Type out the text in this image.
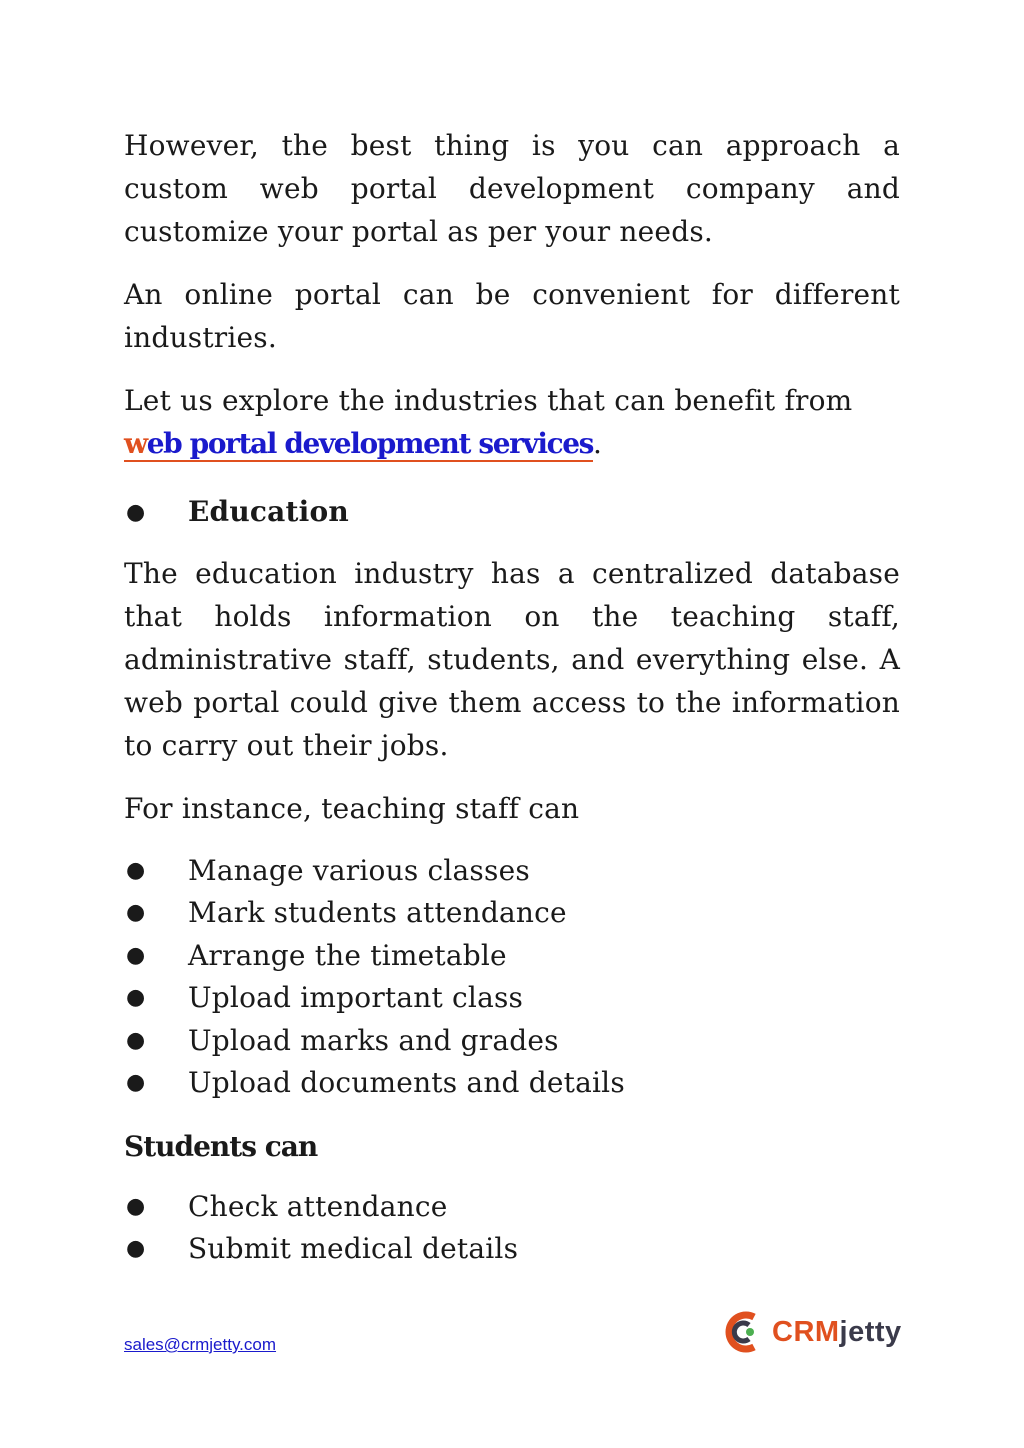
However, the best thing is you can approach a custom web portal development company and customize your portal as per your needs.

An online portal can be convenient for different industries.

Let us explore the industries that can benefit from

web portal development services.
●	Education

The education industry has a centralized database that holds information on the teaching staff, administrative staff, students, and everything else. A web portal could give them access to the information to carry out their jobs.

For instance, teaching staff can

●	Manage various classes
●	Mark students attendance
●	Arrange the timetable
●	Upload important class
●	Upload marks and grades
●	Upload documents and details
Students can
●	Check attendance
●	Submit medical details
sales@crmjetty.com	CRMjetty
